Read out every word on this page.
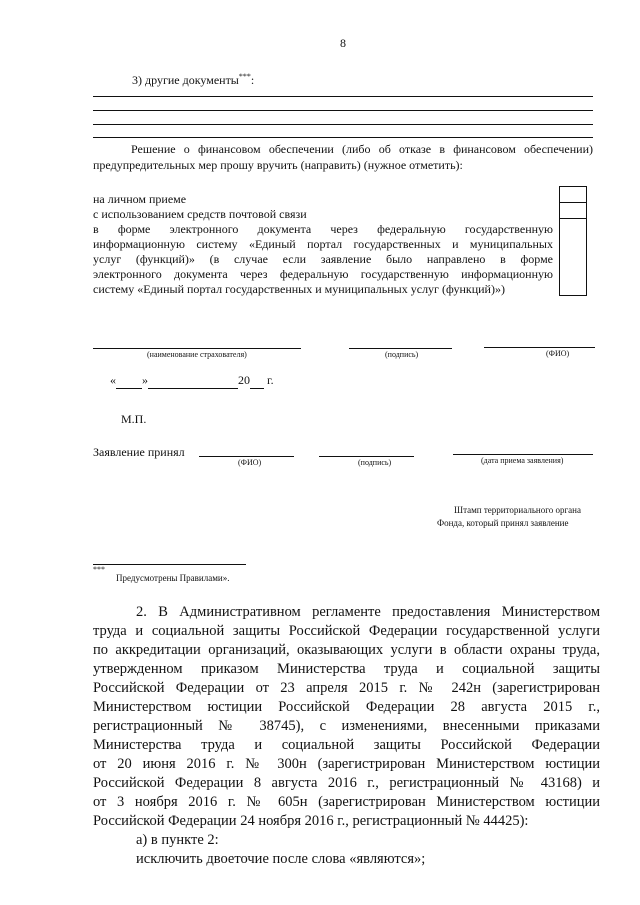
8
3) другие документы***:
Решение о финансовом обеспечении (либо об отказе в финансовом обеспечении)
предупредительных мер прошу вручить (направить) (нужное отметить):
на личном приеме
с использованием средств почтовой связи
в форме электронного документа через федеральную государственную
информационную систему «Единый портал государственных и муниципальных
услуг (функций)» (в случае если заявление было направлено в форме
электронного документа через федеральную государственную информационную
систему «Единый портал государственных и муниципальных услуг (функций)»)
(наименование страхователя)	(подпись)	(ФИО)
« »	20 г.
М.П.
Заявление принял
(ФИО)	(подпись)	(дата приема заявления)
Штамп территориального органа
Фонда, который принял заявление
***
Предусмотрены Правилами».
2. В Административном регламенте предоставления Министерством
труда и социальной защиты Российской Федерации государственной услуги
по аккредитации организаций, оказывающих услуги в области охраны труда,
утвержденном приказом Министерства труда и социальной защиты
Российской Федерации от 23 апреля 2015 г. № 242н (зарегистрирован
Министерством юстиции Российской Федерации 28 августа 2015 г.,
регистрационный № 38745), с изменениями, внесенными приказами
Министерства труда и социальной защиты Российской Федерации
от 20 июня 2016 г. № 300н (зарегистрирован Министерством юстиции
Российской Федерации 8 августа 2016 г., регистрационный № 43168) и
от 3 ноября 2016 г. № 605н (зарегистрирован Министерством юстиции
Российской Федерации 24 ноября 2016 г., регистрационный № 44425):
а) в пункте 2:
исключить двоеточие после слова «являются»;
